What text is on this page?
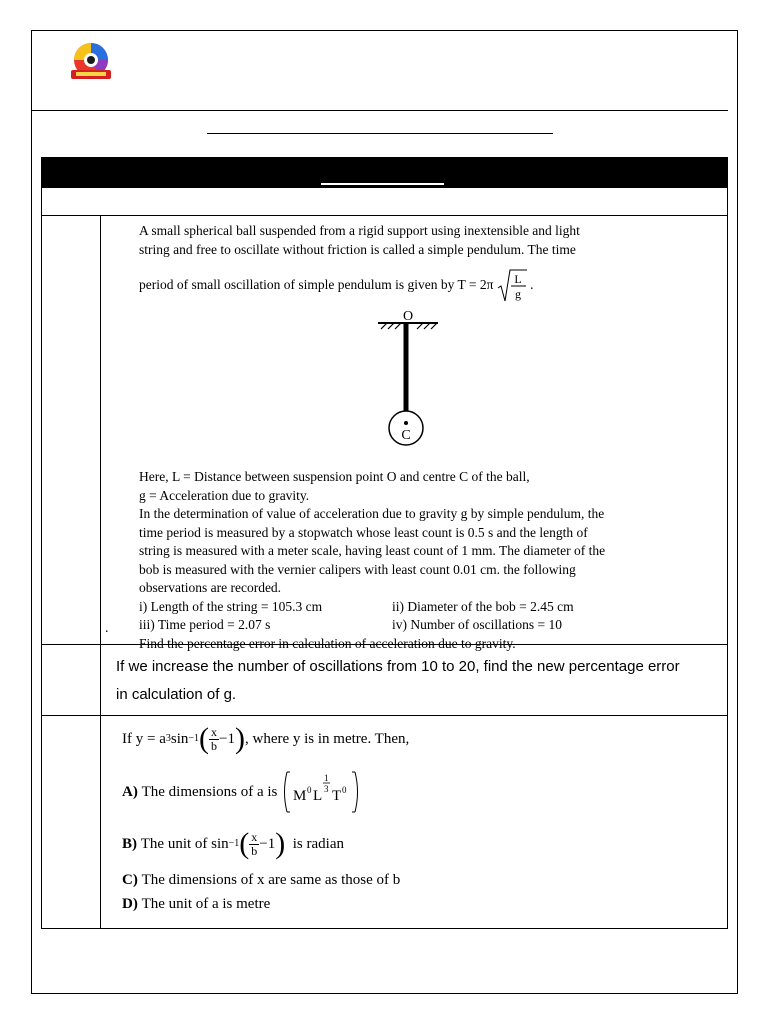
.

A small spherical ball suspended from a rigid support using inextensible and light

string and free to oscillate without friction is called a simple pendulum. The time

period of small oscillation of simple pendulum is given by T = 2π L
g
.

O
C

Here, L = Distance between suspension point O and centre C of the ball,

g = Acceleration due to gravity.

In the determination of value of acceleration due to gravity g by simple pendulum, the

time period is measured by a stopwatch whose least count is 0.5 s and the length of

string is measured with a meter scale, having least count of 1 mm. The diameter of the

bob is measured with the vernier calipers with least count 0.01 cm. the following

observations are recorded.

i) Length of the string = 105.3 cm	ii) Diameter of the bob = 2.45 cm
iii) Time period = 2.07 s	iv) Number of oscillations = 10

Find the percentage error in calculation of acceleration due to gravity.

If we increase the number of oscillations from 10 to 20, find the new percentage error

in calculation of g.

If y = a 3 sin −1 ( $\frac{x}{b} -1$ ) , where y is in metre. Then,

A)
The dimensions of a is
M 0 L
1
3 T 0

B)
The unit of sin −1 ( $\frac{x}{b} -1$ )
is radian

C) The dimensions of x are same as those of b

D) The unit of a is metre
